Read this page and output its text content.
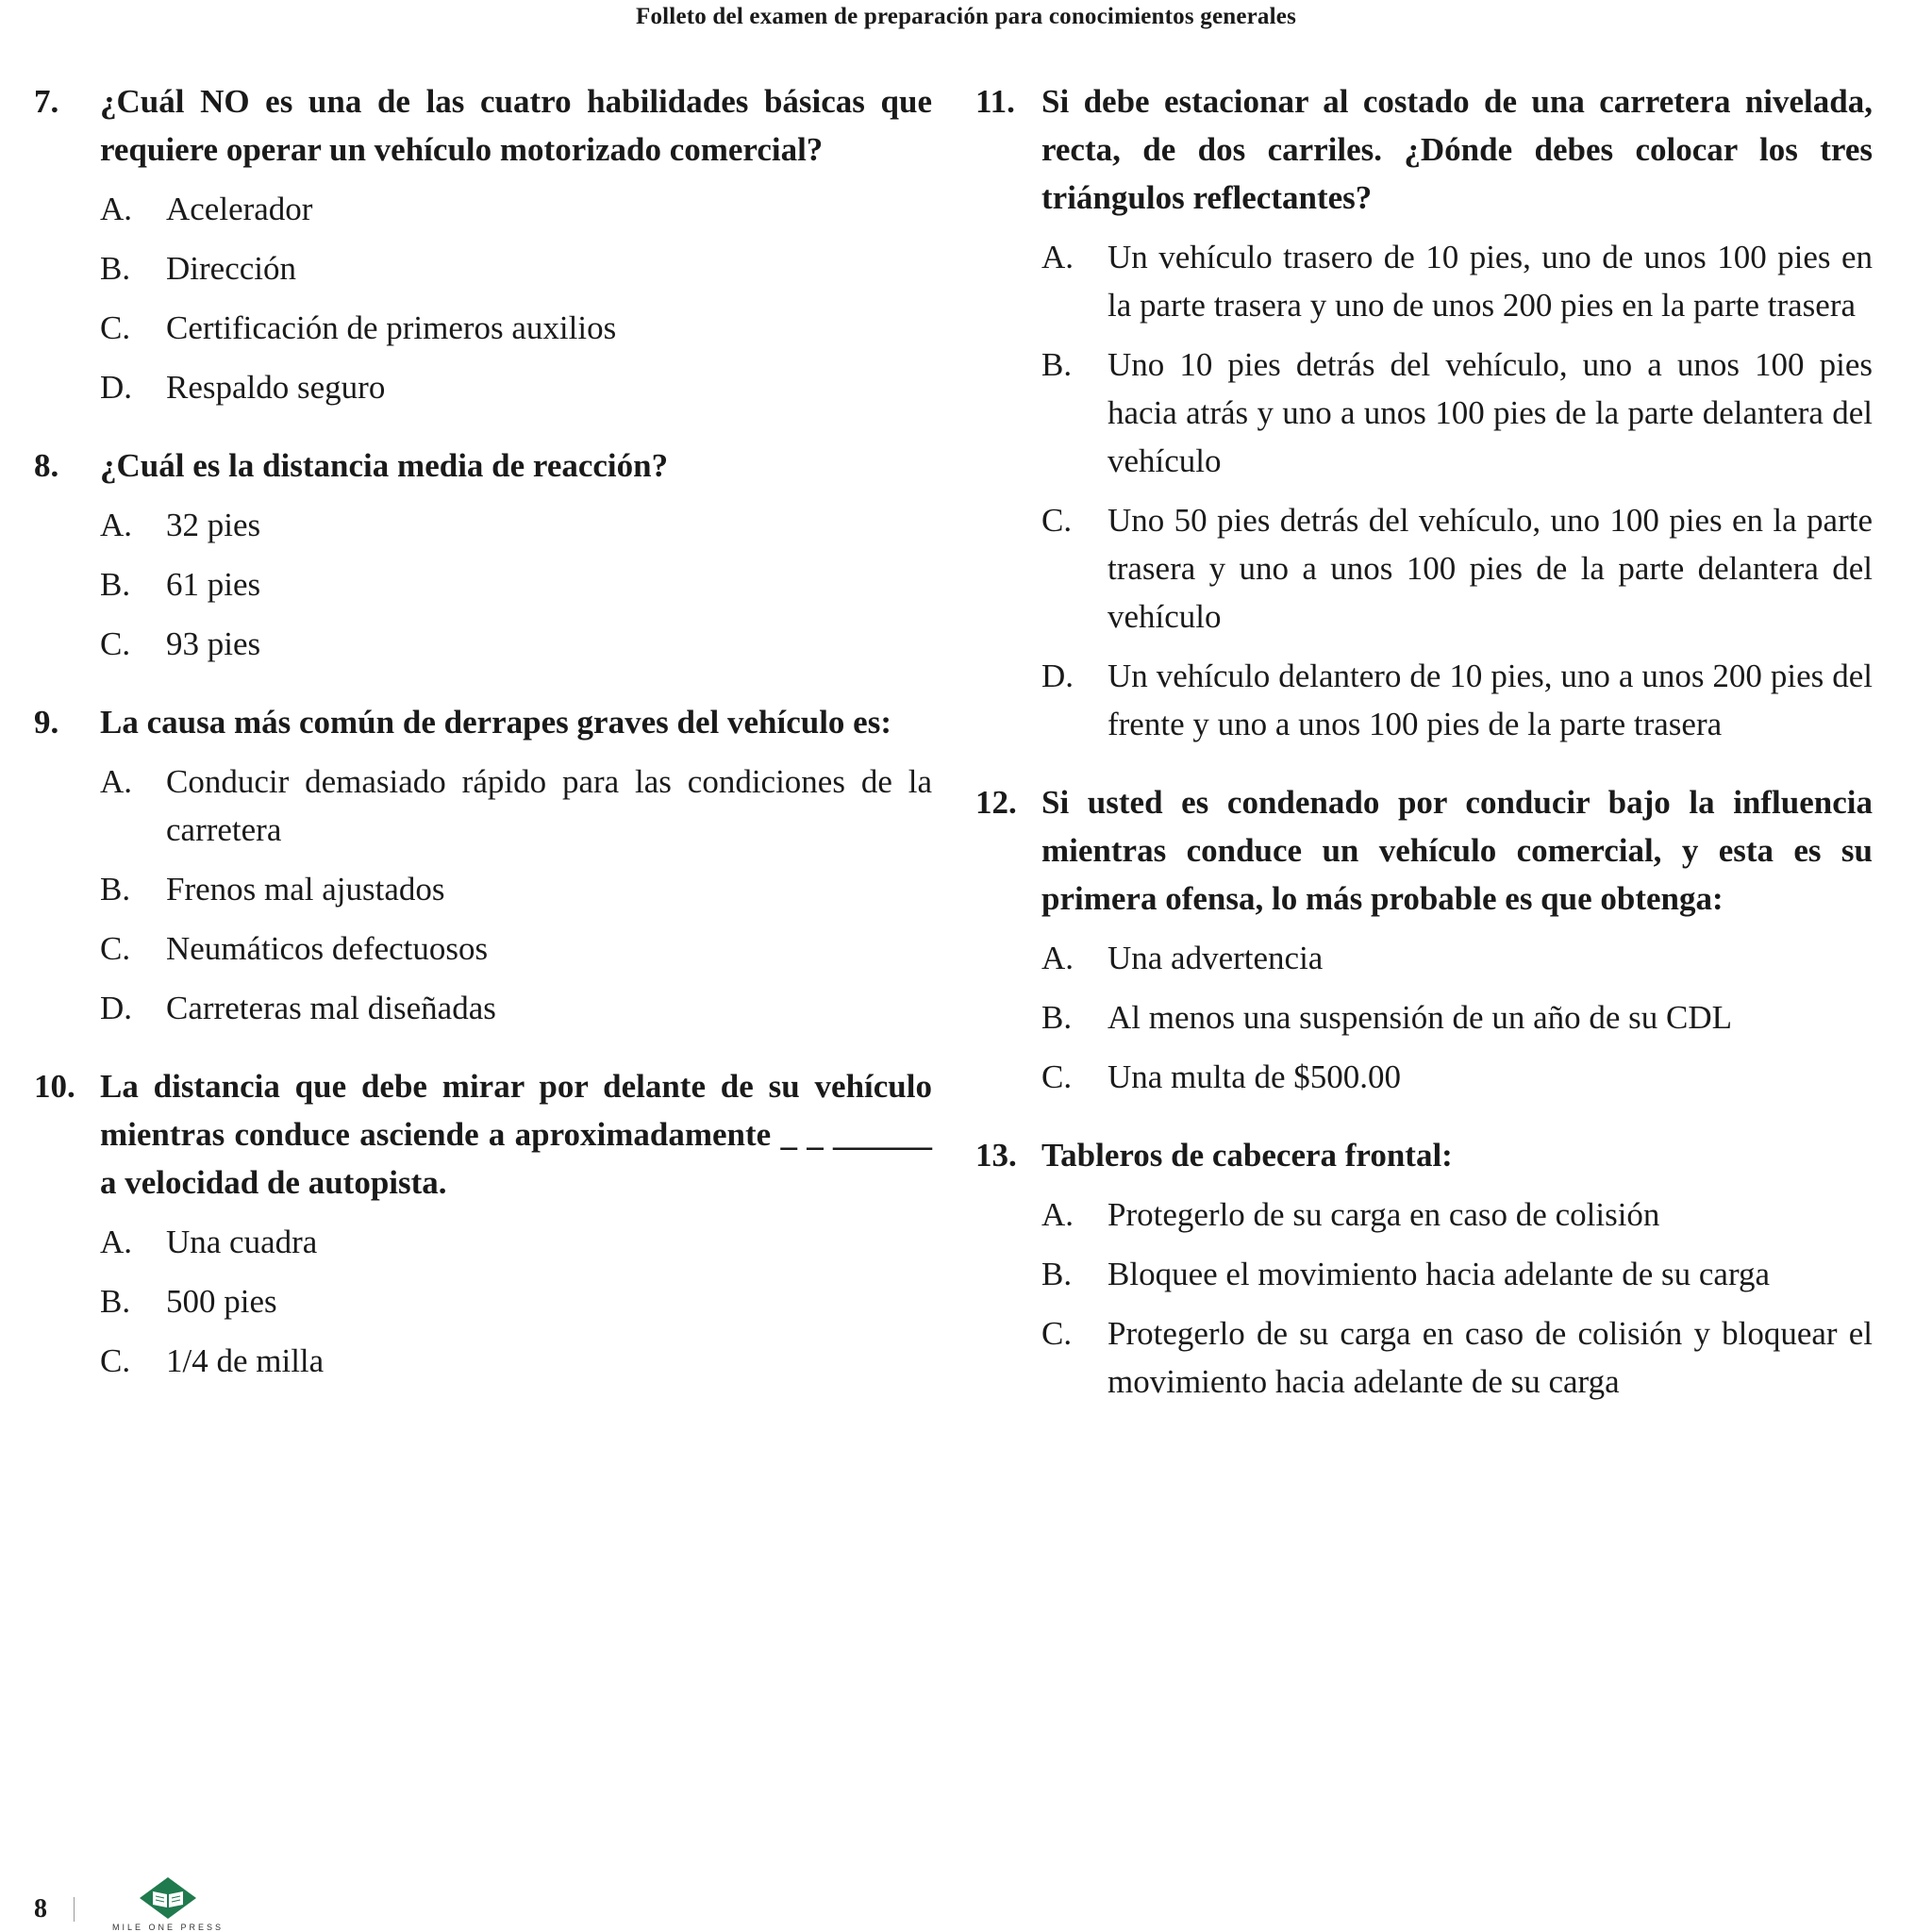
Folleto del examen de preparación para conocimientos generales
7.	¿Cuál NO es una de las cuatro habilidades básicas que requiere operar un vehículo motorizado comercial?
A.	Acelerador
B.	Dirección
C.	Certificación de primeros auxilios
D.	Respaldo seguro
8.	¿Cuál es la distancia media de reacción?
A.	32 pies
B.	61 pies
C.	93 pies
9.	La causa más común de derrapes graves del vehículo es:
A.	Conducir demasiado rápido para las condiciones de la carretera
B.	Frenos mal ajustados
C.	Neumáticos defectuosos
D.	Carreteras mal diseñadas
10. La distancia que debe mirar por delante de su vehículo mientras conduce asciende a aproximadamente _ _ ______ a velocidad de autopista.
A.	Una cuadra
B.	500 pies
C.	1/4 de milla
11. Si debe estacionar al costado de una carretera nivelada, recta, de dos carriles. ¿Dónde debes colocar los tres triángulos reflectantes?
A.	Un vehículo trasero de 10 pies, uno de unos 100 pies en la parte trasera y uno de unos 200 pies en la parte trasera
B.	Uno 10 pies detrás del vehículo, uno a unos 100 pies hacia atrás y uno a unos 100 pies de la parte delantera del vehículo
C.	Uno 50 pies detrás del vehículo, uno 100 pies en la parte trasera y uno a unos 100 pies de la parte delantera del vehículo
D.	Un vehículo delantero de 10 pies, uno a unos 200 pies del frente y uno a unos 100 pies de la parte trasera
12. Si usted es condenado por conducir bajo la influencia mientras conduce un vehículo comercial, y esta es su primera ofensa, lo más probable es que obtenga:
A.	Una advertencia
B.	Al menos una suspensión de un año de su CDL
C.	Una multa de $500.00
13. Tableros de cabecera frontal:
A.	Protegerlo de su carga en caso de colisión
B.	Bloquee el movimiento hacia adelante de su carga
C.	Protegerlo de su carga en caso de colisión y bloquear el movimiento hacia adelante de su carga
8
MILE ONE PRESS
